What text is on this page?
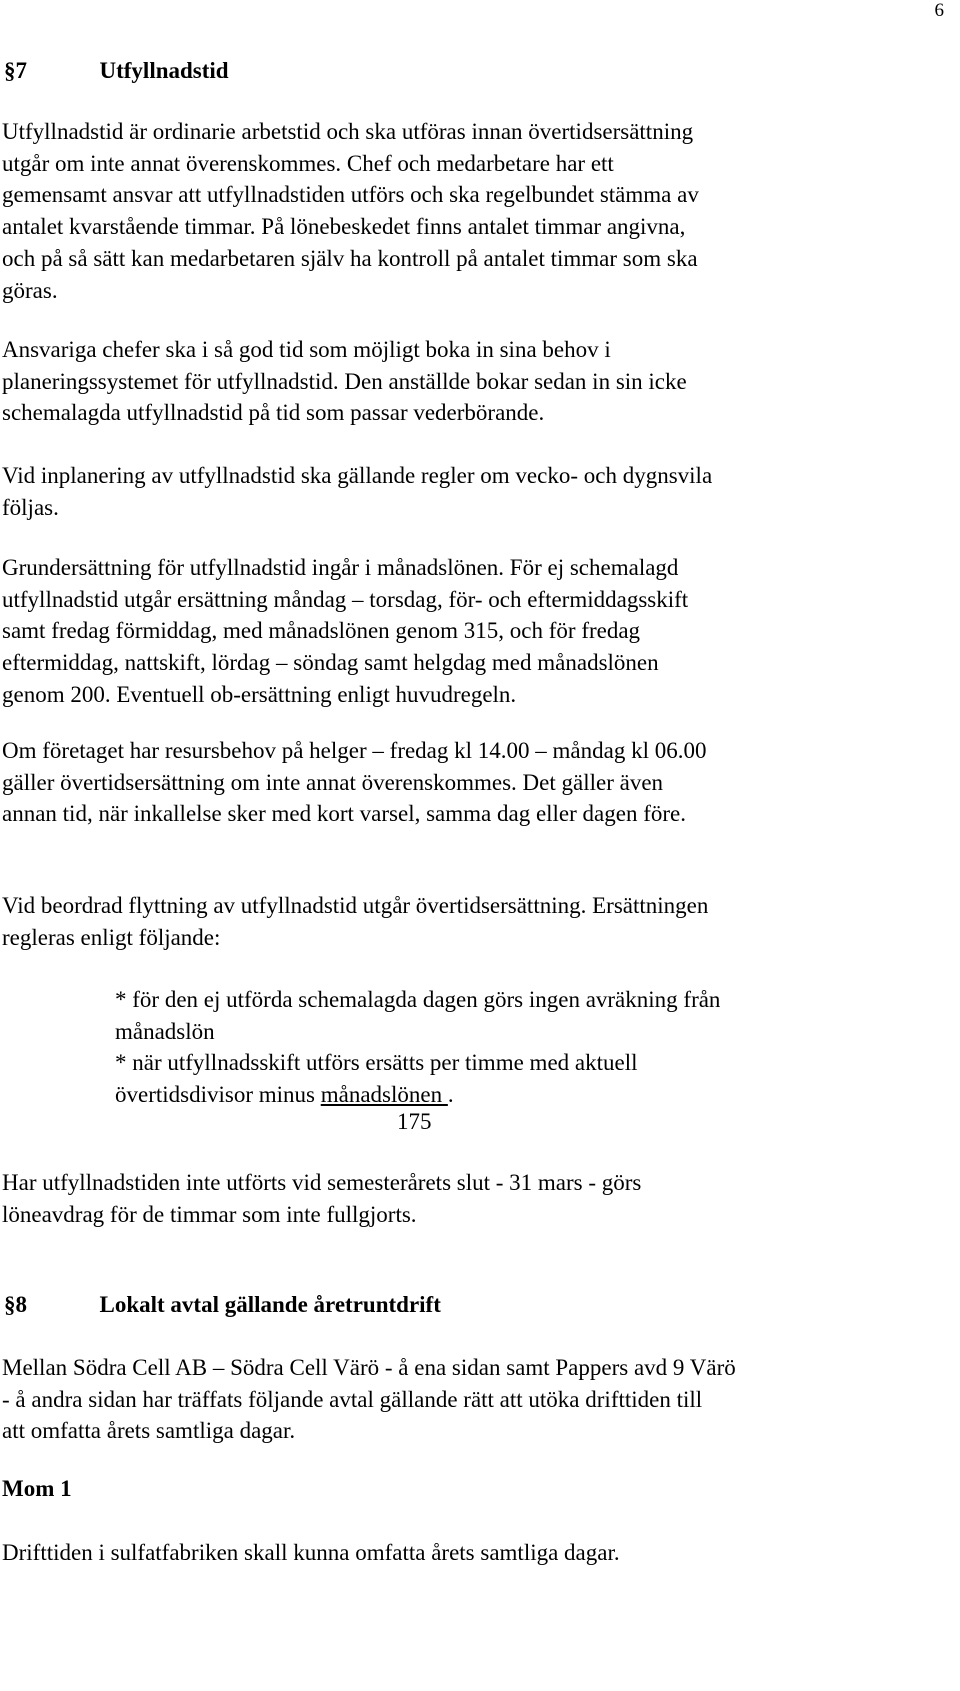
6
§7	Utfyllnadstid
Utfyllnadstid är ordinarie arbetstid och ska utföras innan övertidsersättning
utgår om inte annat överenskommes. Chef och medarbetare har ett
gemensamt ansvar att utfyllnadstiden utförs och ska regelbundet stämma av
antalet kvarstående timmar. På lönebeskedet finns antalet timmar angivna,
och på så sätt kan medarbetaren själv ha kontroll på antalet timmar som ska
göras.
Ansvariga chefer ska i så god tid som möjligt boka in sina behov i
planeringssystemet för utfyllnadstid. Den anställde bokar sedan in sin icke
schemalagda utfyllnadstid på tid som passar vederbörande.
Vid inplanering av utfyllnadstid ska gällande regler om vecko- och dygnsvila
följas.
Grundersättning för utfyllnadstid ingår i månadslönen. För ej schemalagd
utfyllnadstid utgår ersättning måndag – torsdag, för- och eftermiddagsskift
samt fredag förmiddag, med månadslönen genom 315, och för fredag
eftermiddag, nattskift, lördag – söndag samt helgdag med månadslönen
genom 200. Eventuell ob-ersättning enligt huvudregeln.
Om företaget har resursbehov på helger – fredag kl 14.00 – måndag kl 06.00
gäller övertidsersättning om inte annat överenskommes. Det gäller även
annan tid, när inkallelse sker med kort varsel, samma dag eller dagen före.
Vid beordrad flyttning av utfyllnadstid utgår övertidsersättning. Ersättningen
regleras enligt följande:
* för den ej utförda schemalagda dagen görs ingen avräkning från
månadslön
* när utfyllnadsskift utförs ersätts per timme med aktuell
övertidsdivisor minus månadslönen .
175
Har utfyllnadstiden inte utförts vid semesterårets slut - 31 mars - görs
löneavdrag för de timmar som inte fullgjorts.
§8	Lokalt avtal gällande åretruntdrift
Mellan Södra Cell AB – Södra Cell Värö - å ena sidan samt Pappers avd 9 Värö
- å andra sidan har träffats följande avtal gällande rätt att utöka drifttiden till
att omfatta årets samtliga dagar.
Mom 1
Drifttiden i sulfatfabriken skall kunna omfatta årets samtliga dagar.
